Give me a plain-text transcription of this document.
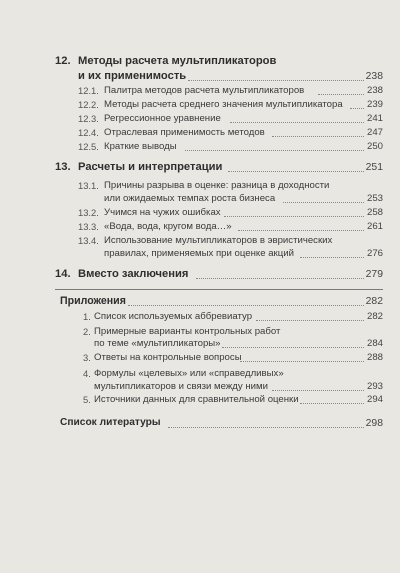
12. Методы расчета мультипликаторов
и их применимость	238
12.1. Палитра методов расчета мультипликаторов	238
12.2. Методы расчета среднего значения мультипликатора	239
12.3. Регрессионное уравнение	241
12.4. Отраслевая применимость методов	247
12.5. Краткие выводы	250
13. Расчеты и интерпретации	251
13.1. Причины разрыва в оценке: разница в доходности
или ожидаемых темпах роста бизнеса	253
13.2. Учимся на чужих ошибках	258
13.3. «Вода, вода, кругом вода…»	261
13.4. Использование мультипликаторов в эвристических
правилах, применяемых при оценке акций	276
14. Вместо заключения	279
Приложения	282
1. Список используемых аббревиатур	282
2. Примерные варианты контрольных работ
по теме «мультипликаторы»	284
3. Ответы на контрольные вопросы	288
4. Формулы «целевых» или «справедливых»
мультипликаторов и связи между ними	293
5. Источники данных для сравнительной оценки	294
Список литературы	298
